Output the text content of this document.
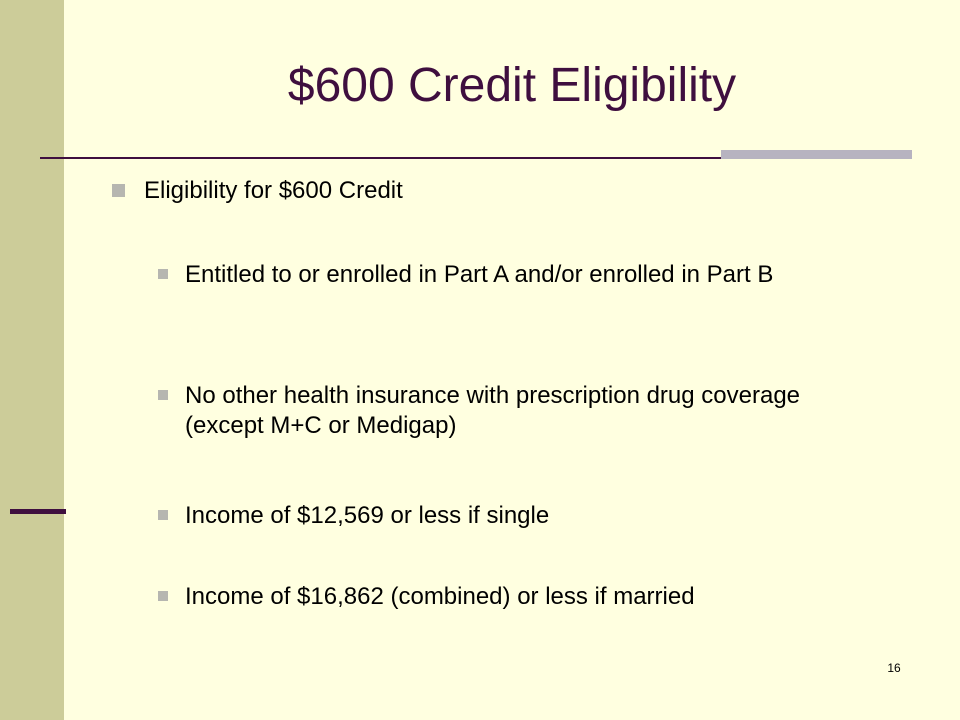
$600 Credit Eligibility
Eligibility for $600 Credit
Entitled to or enrolled in Part A and/or enrolled in Part B
No other health insurance with prescription drug coverage (except M+C or Medigap)
Income of $12,569 or less if single
Income of $16,862 (combined) or less if married
16
